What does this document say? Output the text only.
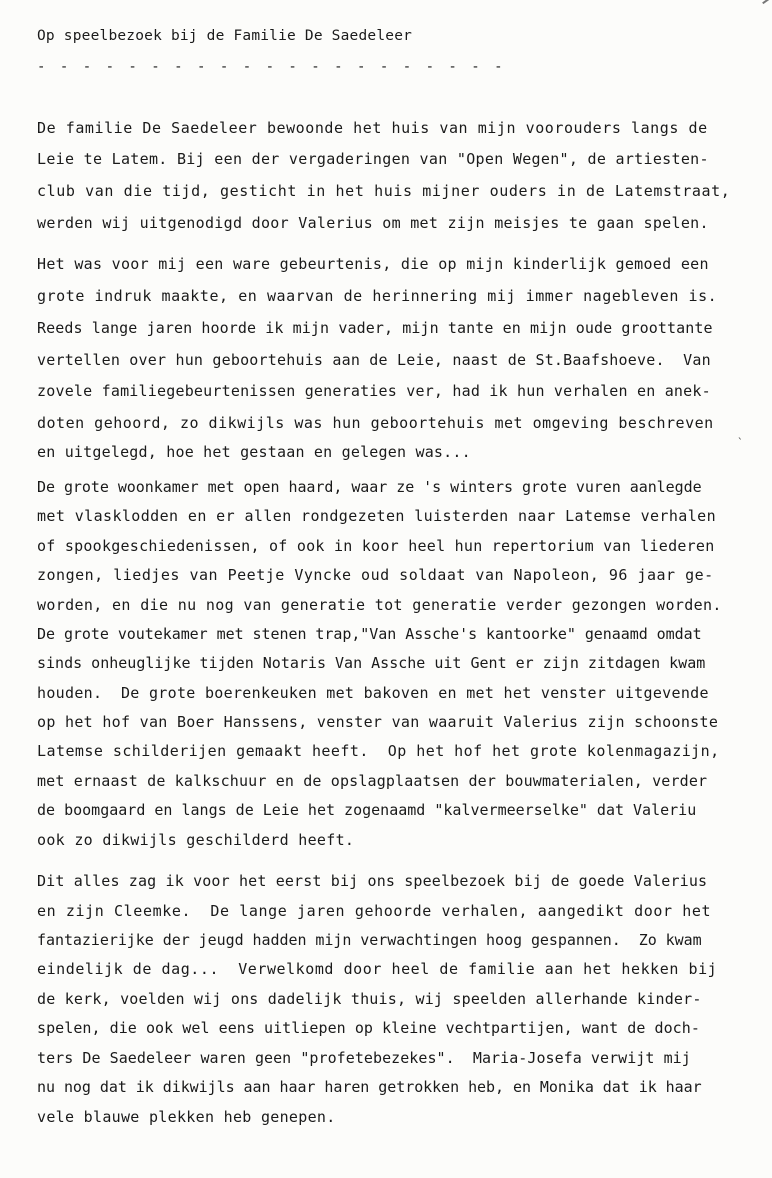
Op speelbezoek bij de Familie De Saedeleer
- - - - - - - - - - - - - - - - - - - - -
De familie De Saedeleer bewoonde het huis van mijn voorouders langs de
Leie te Latem. Bij een der vergaderingen van "Open Wegen", de artiesten-
club van die tijd, gesticht in het huis mijner ouders in de Latemstraat,
werden wij uitgenodigd door Valerius om met zijn meisjes te gaan spelen.
Het was voor mij een ware gebeurtenis, die op mijn kinderlijk gemoed een
grote indruk maakte, en waarvan de herinnering mij immer nagebleven is.
Reeds lange jaren hoorde ik mijn vader, mijn tante en mijn oude groottante
vertellen over hun geboortehuis aan de Leie, naast de St.Baafshoeve.  Van
zovele familiegebeurtenissen generaties ver, had ik hun verhalen en anek-
doten gehoord, zo dikwijls was hun geboortehuis met omgeving beschreven
en uitgelegd, hoe het gestaan en gelegen was...
`
De grote woonkamer met open haard, waar ze 's winters grote vuren aanlegde
met vlasklodden en er allen rondgezeten luisterden naar Latemse verhalen
of spookgeschiedenissen, of ook in koor heel hun repertorium van liederen
zongen, liedjes van Peetje Vyncke oud soldaat van Napoleon, 96 jaar ge-
worden, en die nu nog van generatie tot generatie verder gezongen worden.
De grote voutekamer met stenen trap,"Van Assche's kantoorke" genaamd omdat
sinds onheuglijke tijden Notaris Van Assche uit Gent er zijn zitdagen kwam
houden.  De grote boerenkeuken met bakoven en met het venster uitgevende
op het hof van Boer Hanssens, venster van waaruit Valerius zijn schoonste
Latemse schilderijen gemaakt heeft.  Op het hof het grote kolenmagazijn,
met ernaast de kalkschuur en de opslagplaatsen der bouwmaterialen, verder
de boomgaard en langs de Leie het zogenaamd "kalvermeerselke" dat Valeriu
ook zo dikwijls geschilderd heeft.
Dit alles zag ik voor het eerst bij ons speelbezoek bij de goede Valerius
en zijn Cleemke.  De lange jaren gehoorde verhalen, aangedikt door het
fantazierijke der jeugd hadden mijn verwachtingen hoog gespannen.  Zo kwam
eindelijk de dag...  Verwelkomd door heel de familie aan het hekken bij
de kerk, voelden wij ons dadelijk thuis, wij speelden allerhande kinder-
spelen, die ook wel eens uitliepen op kleine vechtpartijen, want de doch-
ters De Saedeleer waren geen "profetebezekes".  Maria-Josefa verwijt mij
nu nog dat ik dikwijls aan haar haren getrokken heb, en Monika dat ik haar
vele blauwe plekken heb genepen.
